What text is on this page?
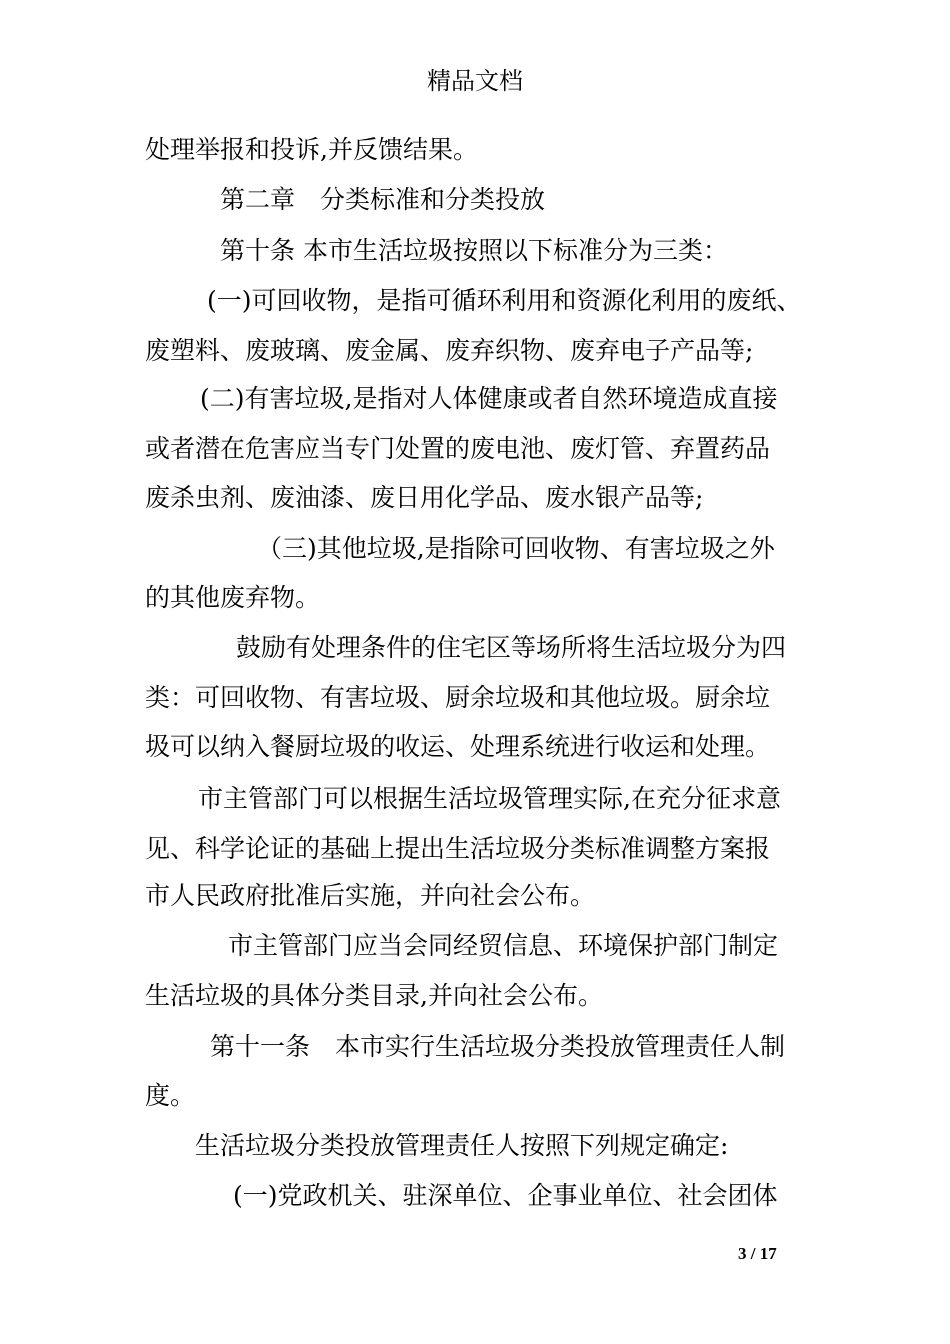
精品文档
处理举报和投诉,并反馈结果。
第二章　分类标准和分类投放
第十条 本市生活垃圾按照以下标准分为三类：
(一)可回收物，是指可循环利用和资源化利用的废纸、
废塑料、废玻璃、废金属、废弃织物、废弃电子产品等;
(二)有害垃圾,是指对人体健康或者自然环境造成直接
或者潜在危害应当专门处置的废电池、废灯管、弃置药品
废杀虫剂、废油漆、废日用化学品、废水银产品等;
（三)其他垃圾,是指除可回收物、有害垃圾之外
的其他废弃物。
鼓励有处理条件的住宅区等场所将生活垃圾分为四
类：可回收物、有害垃圾、厨余垃圾和其他垃圾。厨余垃
圾可以纳入餐厨垃圾的收运、处理系统进行收运和处理。
市主管部门可以根据生活垃圾管理实际,在充分征求意
见、科学论证的基础上提出生活垃圾分类标准调整方案报
市人民政府批准后实施，并向社会公布。
市主管部门应当会同经贸信息、环境保护部门制定
生活垃圾的具体分类目录,并向社会公布。
第十一条　本市实行生活垃圾分类投放管理责任人制
度。
生活垃圾分类投放管理责任人按照下列规定确定:
(一)党政机关、驻深单位、企事业单位、社会团体
3 / 17
